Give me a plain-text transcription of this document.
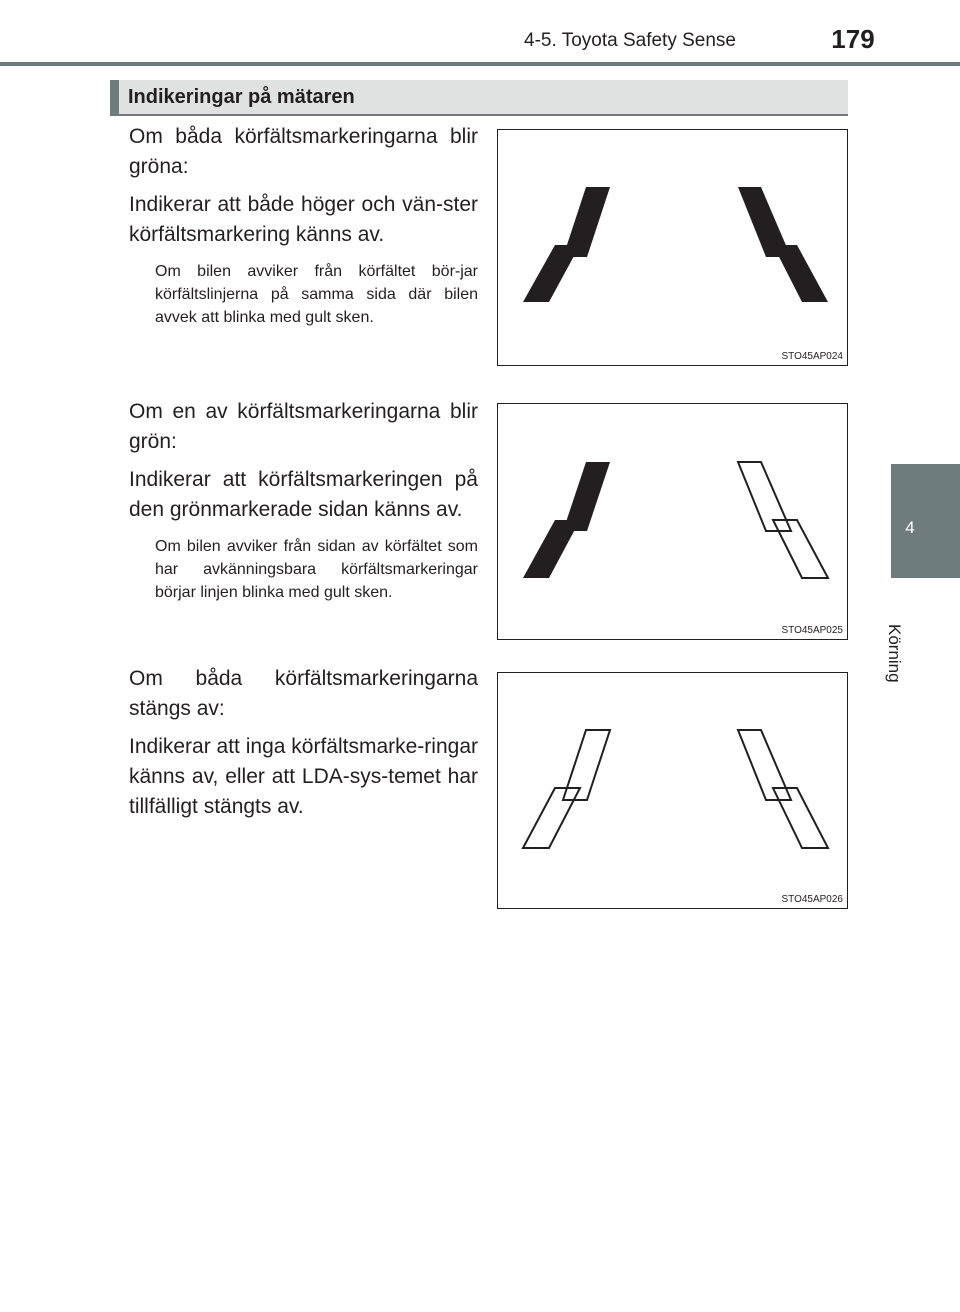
4-5. Toyota Safety Sense	179
4
Körning
Indikeringar på mätaren

Om båda körfältsmarkeringarna blir gröna:

Indikerar att både höger och vän-ster körfältsmarkering känns av.

Om bilen avviker från körfältet bör-jar körfältslinjerna på samma sida där bilen avvek att blinka med gult sken.

STO45AP024

Om en av körfältsmarkeringarna blir grön:

Indikerar att körfältsmarkeringen på den grönmarkerade sidan känns av.

Om bilen avviker från sidan av körfältet som har avkänningsbara körfältsmarkeringar börjar linjen blinka med gult sken.

STO45AP025

Om båda körfältsmarkeringarna stängs av:

Indikerar att inga körfältsmarke-ringar känns av, eller att LDA-sys-temet har tillfälligt stängts av.

STO45AP026
